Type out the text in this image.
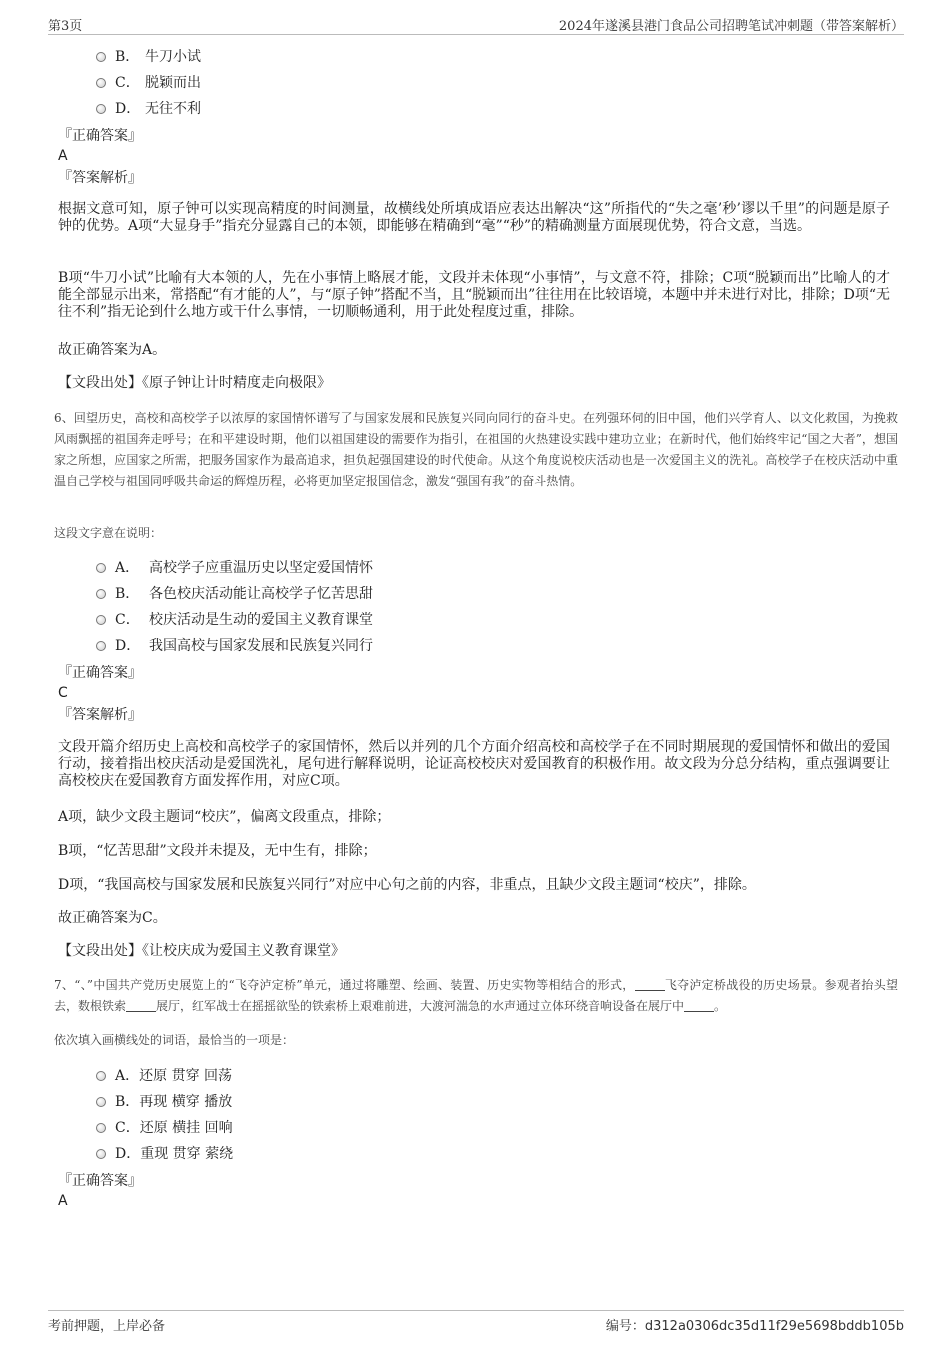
第3页	2024年遂溪县港门食品公司招聘笔试冲刺题（带答案解析）
B． 牛刀小试
C． 脱颖而出
D． 无往不利
『正确答案』
A
『答案解析』
根据文意可知，原子钟可以实现高精度的时间测量，故横线处所填成语应表达出解决“这”所指代的“失之毫’秒’谬以千里”的问题是原子钟的优势。A项“大显身手”指充分显露自己的本领，即能够在精确到“毫”“秒”的精确测量方面展现优势，符合文意，当选。
B项“牛刀小试”比喻有大本领的人，先在小事情上略展才能，文段并未体现“小事情”，与文意不符，排除；C项“脱颖而出”比喻人的才能全部显示出来，常搭配“有才能的人”，与“原子钟”搭配不当，且“脱颖而出”往往用在比较语境，本题中并未进行对比，排除；D项“无往不利”指无论到什么地方或干什么事情，一切顺畅通利，用于此处程度过重，排除。
故正确答案为A。
【文段出处】《原子钟让计时精度走向极限》
6、回望历史，高校和高校学子以浓厚的家国情怀谱写了与国家发展和民族复兴同向同行的奋斗史。在列强环伺的旧中国，他们兴学育人、以文化救国，为挽救风雨飘摇的祖国奔走呼号；在和平建设时期，他们以祖国建设的需要作为指引，在祖国的火热建设实践中建功立业；在新时代，他们始终牢记“国之大者”，想国家之所想，应国家之所需，把服务国家作为最高追求，担负起强国建设的时代使命。从这个角度说校庆活动也是一次爱国主义的洗礼。高校学子在校庆活动中重温自己学校与祖国同呼吸共命运的辉煌历程，必将更加坚定报国信念，激发“强国有我”的奋斗热情。
这段文字意在说明：
A． 高校学子应重温历史以坚定爱国情怀
B． 各色校庆活动能让高校学子忆苦思甜
C． 校庆活动是生动的爱国主义教育课堂
D． 我国高校与国家发展和民族复兴同行
『正确答案』
C
『答案解析』
文段开篇介绍历史上高校和高校学子的家国情怀，然后以并列的几个方面介绍高校和高校学子在不同时期展现的爱国情怀和做出的爱国行动，接着指出校庆活动是爱国洗礼，尾句进行解释说明，论证高校校庆对爱国教育的积极作用。故文段为分总分结构，重点强调要让高校校庆在爱国教育方面发挥作用，对应C项。
A项，缺少文段主题词“校庆”，偏离文段重点，排除；
B项，“忆苦思甜”文段并未提及，无中生有，排除；
D项，“我国高校与国家发展和民族复兴同行”对应中心句之前的内容，非重点，且缺少文段主题词“校庆”，排除。
故正确答案为C。
【文段出处】《让校庆成为爱国主义教育课堂》
7、“、”中国共产党历史展览上的“飞夺泸定桥”单元，通过将雕塑、绘画、装置、历史实物等相结合的形式，	飞夺泸定桥战役的历史场景。参观者抬头望去，数根铁索	展厅，红军战士在摇摇欲坠的铁索桥上艰难前进，大渡河湍急的水声通过立体环绕音响设备在展厅中	。
依次填入画横线处的词语，最恰当的一项是：
A．还原 贯穿 回荡
B．再现 横穿 播放
C．还原 横挂 回响
D．重现 贯穿 萦绕
『正确答案』
A
考前押题，上岸必备	编号：d312a0306dc35d11f29e5698bddb105b
